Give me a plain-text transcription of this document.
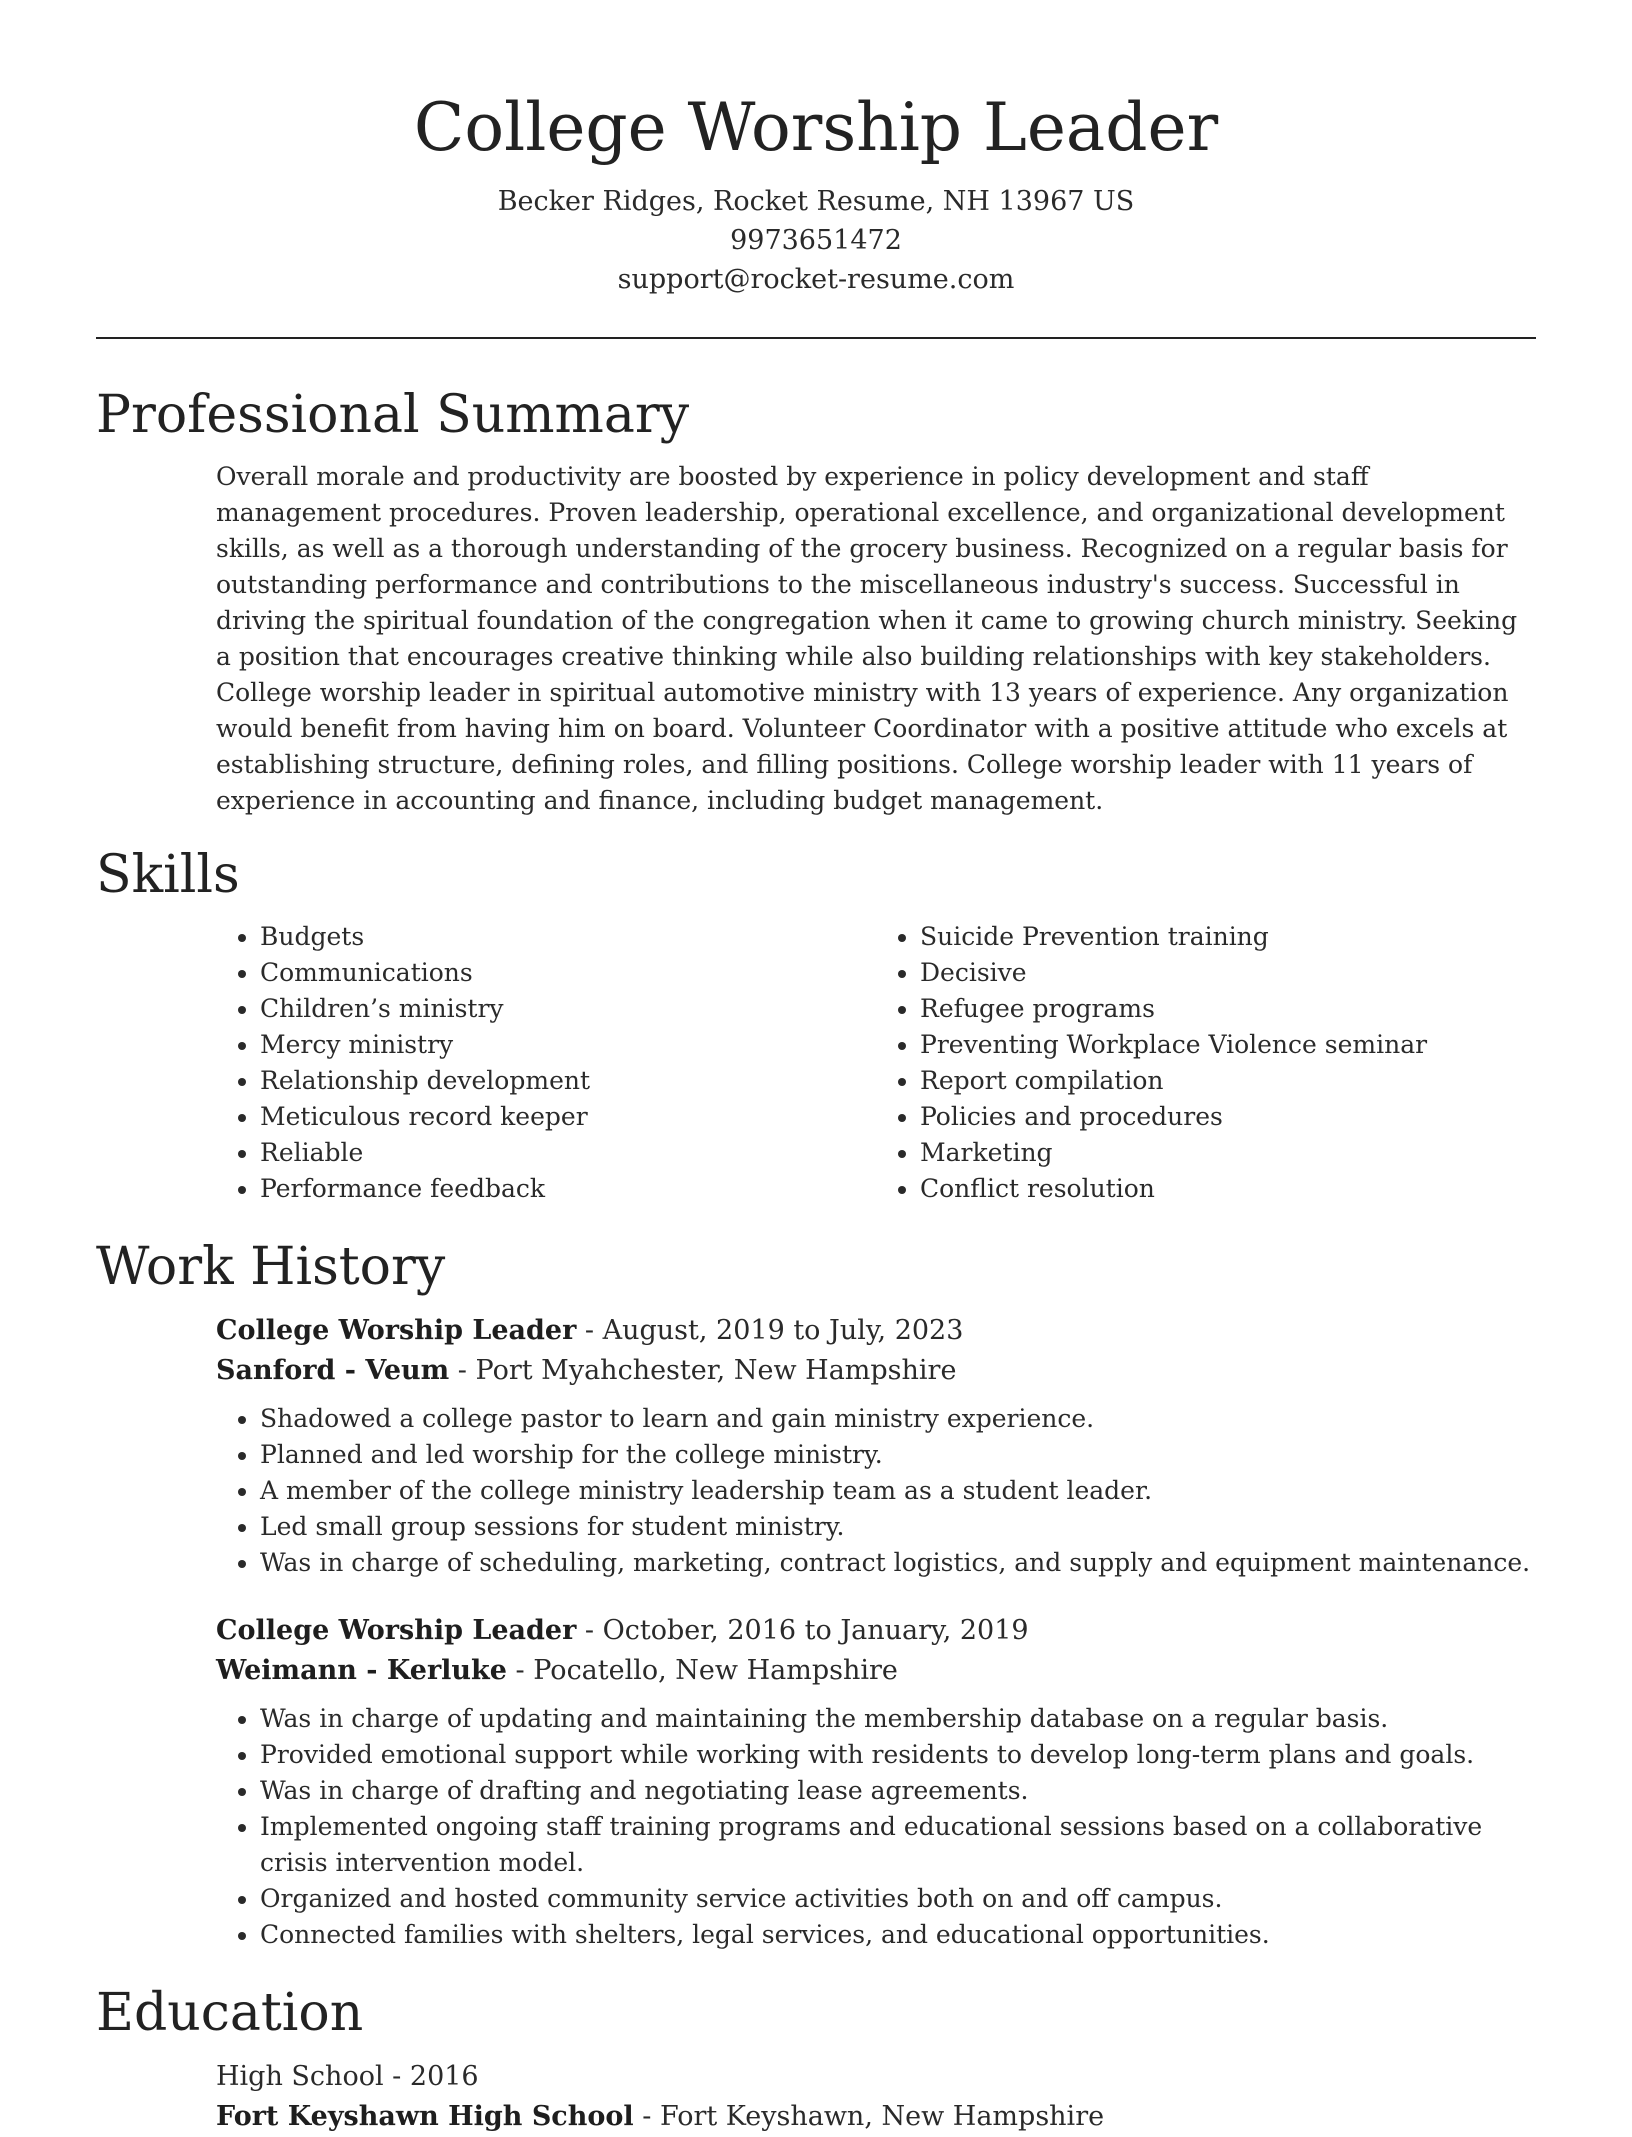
College Worship Leader
Becker Ridges, Rocket Resume, NH 13967 US
9973651472
support@rocket-resume.com
Professional Summary

Overall morale and productivity are boosted by experience in policy development and staff management procedures. Proven leadership, operational excellence, and organizational development skills, as well as a thorough understanding of the grocery business. Recognized on a regular basis for outstanding performance and contributions to the miscellaneous industry's success. Successful in driving the spiritual foundation of the congregation when it came to growing church ministry. Seeking a position that encourages creative thinking while also building relationships with key stakeholders. College worship leader in spiritual automotive ministry with 13 years of experience. Any organization would benefit from having him on board. Volunteer Coordinator with a positive attitude who excels at establishing structure, defining roles, and filling positions. College worship leader with 11 years of experience in accounting and finance, including budget management.

Skills
• Budgets
• Communications
• Children’s ministry
• Mercy ministry
• Relationship development
• Meticulous record keeper
• Reliable
• Performance feedback
• Suicide Prevention training
• Decisive
• Refugee programs
• Preventing Workplace Violence seminar
• Report compilation
• Policies and procedures
• Marketing
• Conflict resolution
Work History
College Worship Leader - August, 2019 to July, 2023
Sanford - Veum - Port Myahchester, New Hampshire
• Shadowed a college pastor to learn and gain ministry experience.
• Planned and led worship for the college ministry.
• A member of the college ministry leadership team as a student leader.
• Led small group sessions for student ministry.
• Was in charge of scheduling, marketing, contract logistics, and supply and equipment maintenance.
College Worship Leader - October, 2016 to January, 2019
Weimann - Kerluke - Pocatello, New Hampshire
• Was in charge of updating and maintaining the membership database on a regular basis.
• Provided emotional support while working with residents to develop long-term plans and goals.
• Was in charge of drafting and negotiating lease agreements.
• Implemented ongoing staff training programs and educational sessions based on a collaborative crisis intervention model.
• Organized and hosted community service activities both on and off campus.
• Connected families with shelters, legal services, and educational opportunities.
Education
High School - 2016
Fort Keyshawn High School - Fort Keyshawn, New Hampshire
